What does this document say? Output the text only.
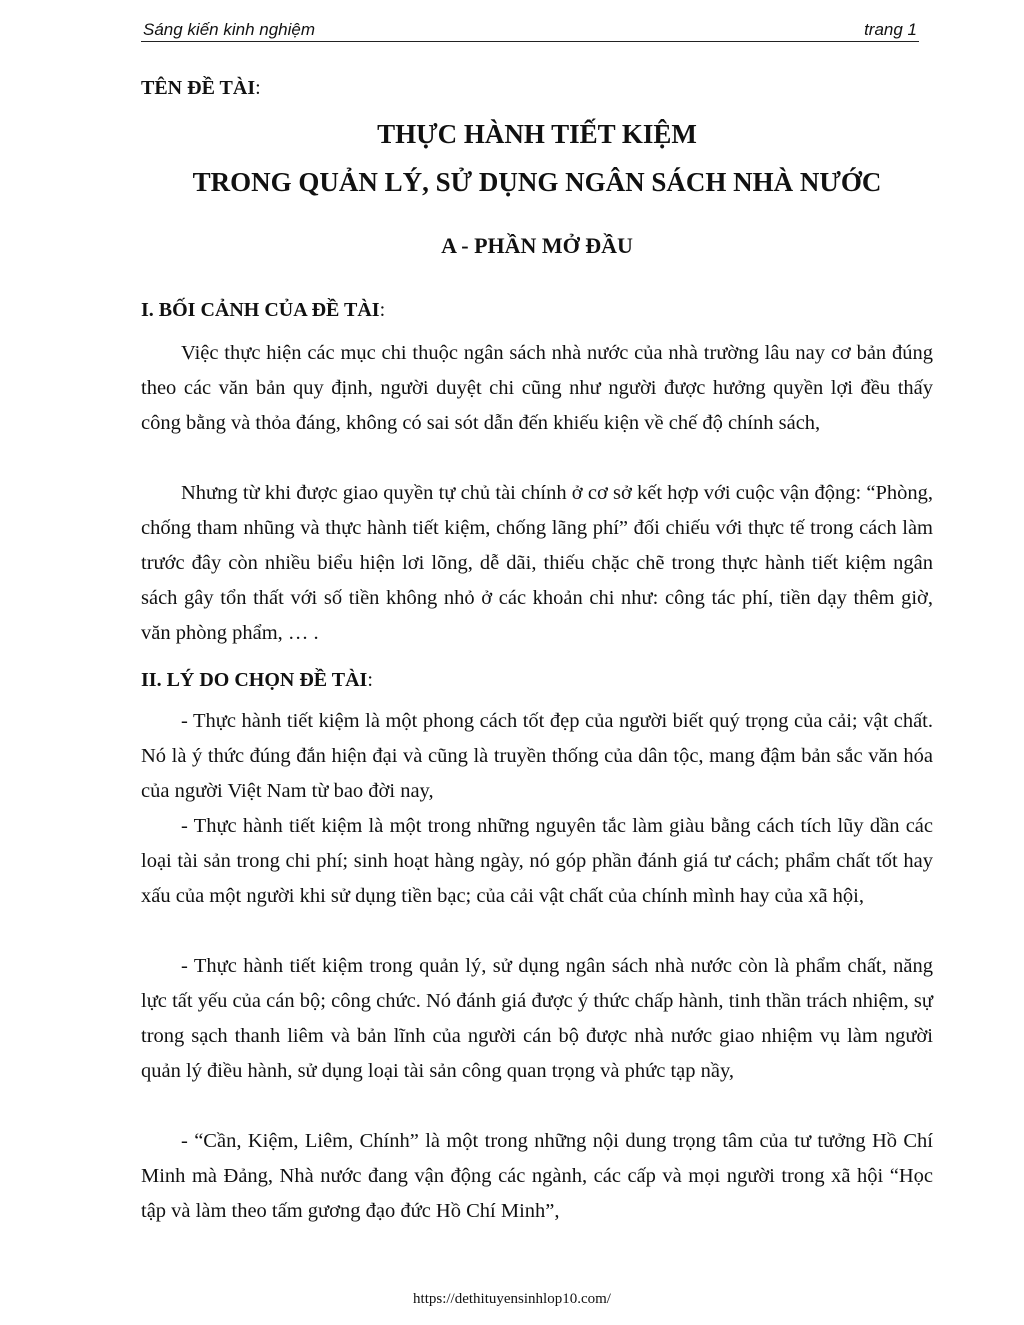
Sáng kiến kinh nghiệm	trang 1
TÊN ĐỀ TÀI:
THỰC HÀNH TIẾT KIỆM
TRONG QUẢN LÝ, SỬ DỤNG NGÂN SÁCH NHÀ NƯỚC
A - PHẦN MỞ ĐẦU
I. BỐI CẢNH CỦA ĐỀ TÀI:

Việc thực hiện các mục chi thuộc ngân sách nhà nước của nhà trường lâu nay cơ bản đúng theo các văn bản quy định, người duyệt chi cũng như người được hưởng quyền lợi đều thấy công bằng và thỏa đáng, không có sai sót dẫn đến khiếu kiện về chế độ chính sách,

Nhưng từ khi được giao quyền tự chủ tài chính ở cơ sở kết hợp với cuộc vận động: “Phòng, chống tham nhũng và thực hành tiết kiệm, chống lãng phí” đối chiếu với thực tế trong cách làm trước đây còn nhiều biểu hiện lơi lõng, dễ dãi, thiếu chặc chẽ trong thực hành tiết kiệm ngân sách gây tổn thất với số tiền không nhỏ ở các khoản chi như: công tác phí, tiền dạy thêm giờ, văn phòng phẩm, … .

II. LÝ DO CHỌN ĐỀ TÀI:

- Thực hành tiết kiệm là một phong cách tốt đẹp của người biết quý trọng của cải; vật chất. Nó là ý thức đúng đắn hiện đại và cũng là truyền thống của dân tộc, mang đậm bản sắc văn hóa của người Việt Nam từ bao đời nay,

- Thực hành tiết kiệm là một trong những nguyên tắc làm giàu bằng cách tích lũy dần các loại tài sản trong chi phí; sinh hoạt hàng ngày, nó góp phần đánh giá tư cách; phẩm chất tốt hay xấu của một người khi sử dụng tiền bạc; của cải vật chất của chính mình hay của xã hội,

- Thực hành tiết kiệm trong quản lý, sử dụng ngân sách nhà nước còn là phẩm chất, năng lực tất yếu của cán bộ; công chức. Nó đánh giá được ý thức chấp hành, tinh thần trách nhiệm, sự trong sạch thanh liêm và bản lĩnh của người cán bộ được nhà nước giao nhiệm vụ làm người quản lý điều hành, sử dụng loại tài sản công quan trọng và phức tạp nầy,

- “Cần, Kiệm, Liêm, Chính” là một trong những nội dung trọng tâm của tư tưởng Hồ Chí Minh mà Đảng, Nhà nước đang vận động các ngành, các cấp và mọi người trong xã hội “Học tập và làm theo tấm gương đạo đức Hồ Chí Minh”,

https://dethituyensinhlop10.com/
